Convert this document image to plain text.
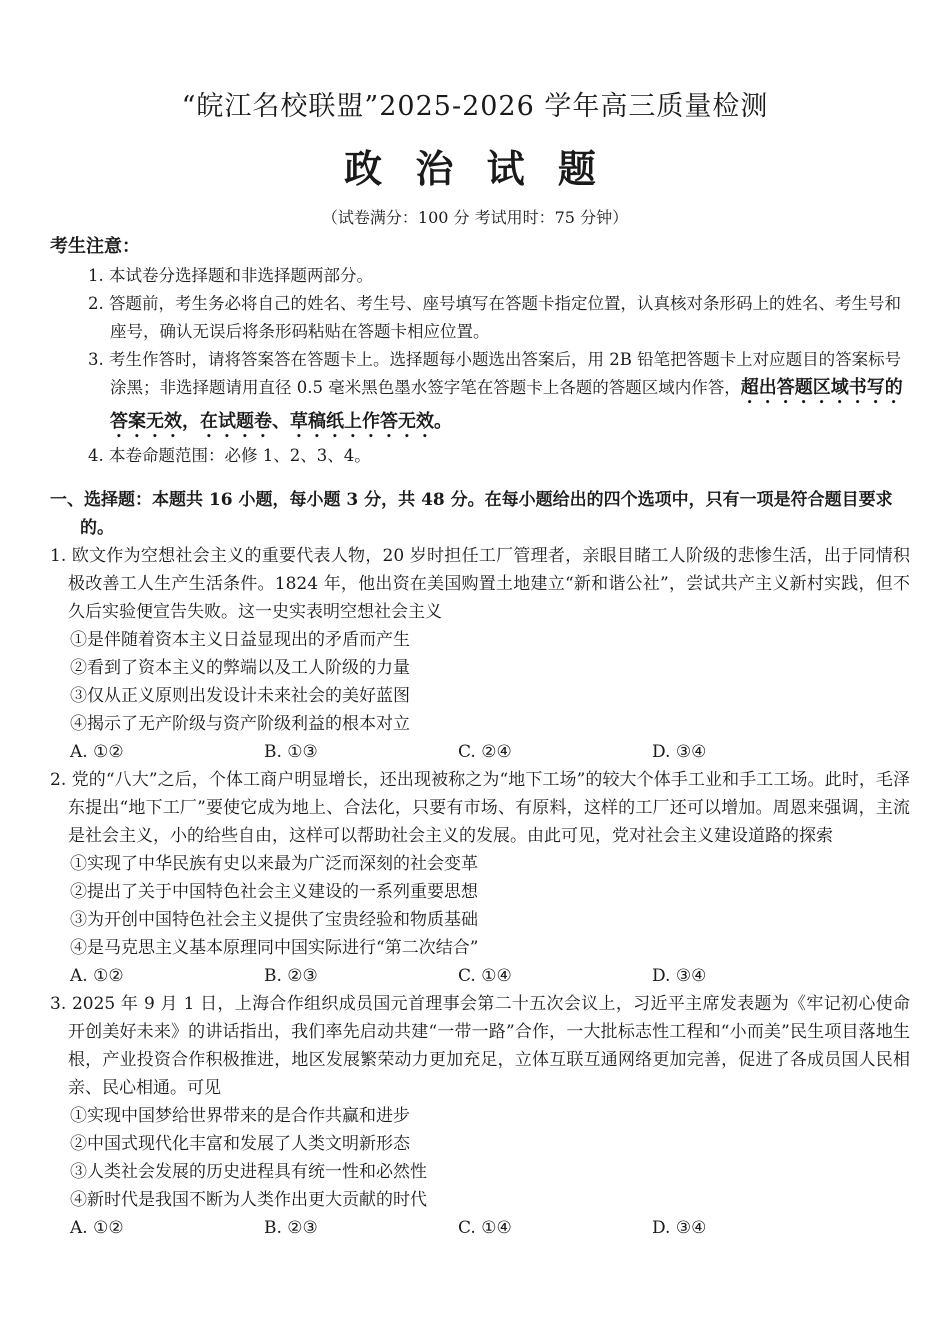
“皖江名校联盟”2025-2026 学年高三质量检测
政 治 试 题
（试卷满分：100 分 考试用时：75 分钟）
考生注意：

1. 本试卷分选择题和非选择题两部分。

2. 答题前，考生务必将自己的姓名、考生号、座号填写在答题卡指定位置，认真核对条形码上的姓名、考生号和座号，确认无误后将条形码粘贴在答题卡相应位置。

3. 考生作答时，请将答案答在答题卡上。选择题每小题选出答案后，用 2B 铅笔把答题卡上对应题目的答案标号涂黑；非选择题请用直径 0.5 毫米黑色墨水签字笔在答题卡上各题的答题区域内作答，超出答题区域书写的答案无效，在试题卷、草稿纸上作答无效。

4. 本卷命题范围：必修 1、2、3、4。

一、选择题：本题共 16 小题，每小题 3 分，共 48 分。在每小题给出的四个选项中，只有一项是符合题目要求的。

1. 欧文作为空想社会主义的重要代表人物，20 岁时担任工厂管理者，亲眼目睹工人阶级的悲惨生活，出于同情积极改善工人生产生活条件。1824 年，他出资在美国购置土地建立“新和谐公社”，尝试共产主义新村实践，但不久后实验便宣告失败。这一史实表明空想社会主义

①是伴随着资本主义日益显现出的矛盾而产生

②看到了资本主义的弊端以及工人阶级的力量

③仅从正义原则出发设计未来社会的美好蓝图

④揭示了无产阶级与资产阶级利益的根本对立

A. ①②	B. ①③	C. ②④	D. ③④

2. 党的“八大”之后，个体工商户明显增长，还出现被称之为“地下工场”的较大个体手工业和手工工场。此时，毛泽东提出“地下工厂”要使它成为地上、合法化，只要有市场、有原料，这样的工厂还可以增加。周恩来强调，主流是社会主义，小的给些自由，这样可以帮助社会主义的发展。由此可见，党对社会主义建设道路的探索

①实现了中华民族有史以来最为广泛而深刻的社会变革

②提出了关于中国特色社会主义建设的一系列重要思想

③为开创中国特色社会主义提供了宝贵经验和物质基础

④是马克思主义基本原理同中国实际进行“第二次结合”

A. ①②	B. ②③	C. ①④	D. ③④

3. 2025 年 9 月 1 日，上海合作组织成员国元首理事会第二十五次会议上，习近平主席发表题为《牢记初心使命开创美好未来》的讲话指出，我们率先启动共建“一带一路”合作，一大批标志性工程和“小而美”民生项目落地生根，产业投资合作积极推进，地区发展繁荣动力更加充足，立体互联互通网络更加完善，促进了各成员国人民相亲、民心相通。可见

①实现中国梦给世界带来的是合作共赢和进步

②中国式现代化丰富和发展了人类文明新形态

③人类社会发展的历史进程具有统一性和必然性

④新时代是我国不断为人类作出更大贡献的时代

A. ①②	B. ②③	C. ①④	D. ③④
